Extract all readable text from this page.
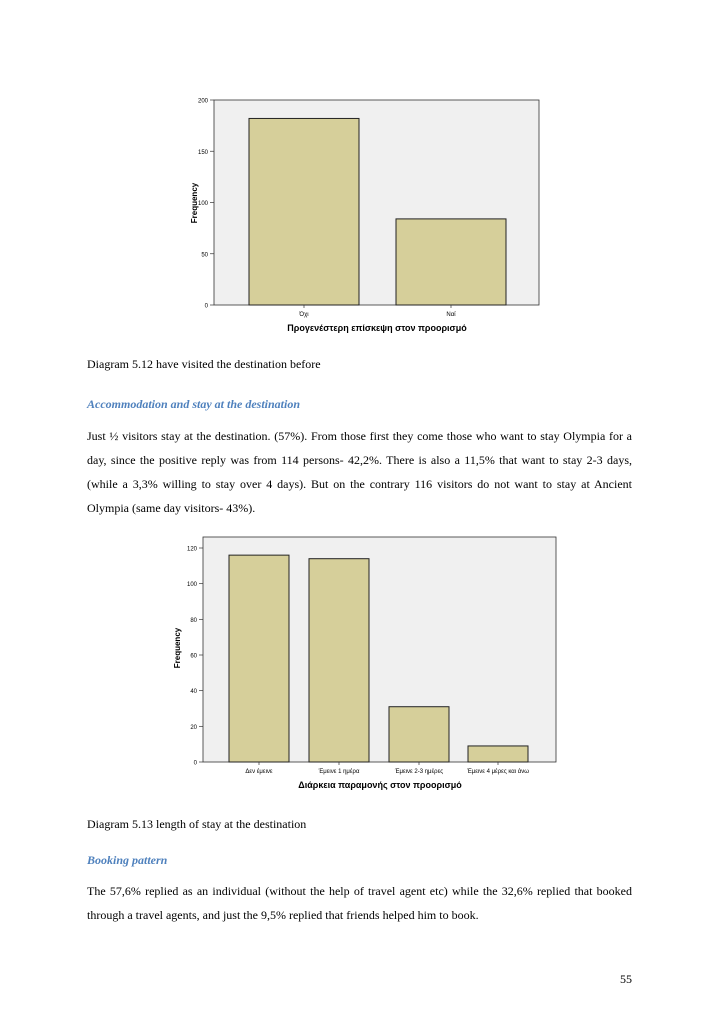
0
50
100
150
200
Όχι	Ναί
Frequency
Προγενέστερη επίσκεψη στον προορισμό
Diagram 5.12 have visited the destination before
Accommodation and stay at the destination
Just ½ visitors stay at the destination. (57%). From those first they come those who want to stay Olympia for a day, since the positive reply was from 114 persons- 42,2%. There is also a 11,5% that want to stay 2-3 days, (while a 3,3% willing to stay over 4 days). But on the contrary 116 visitors do not want to stay at Ancient Olympia (same day visitors- 43%).
0
20
40
60
80
100
120
Δεν έμεινε	Έμεινε 1 ημέρα	Έμεινε 2-3 ημέρες	Έμεινε 4 μέρες και άνω
Frequency
Διάρκεια παραμονής στον προορισμό
Diagram 5.13 length of stay at the destination
Booking pattern
The 57,6% replied as an individual (without the help of travel agent etc) while the 32,6% replied that booked through a travel agents, and just the 9,5% replied that friends helped him to book.
55
